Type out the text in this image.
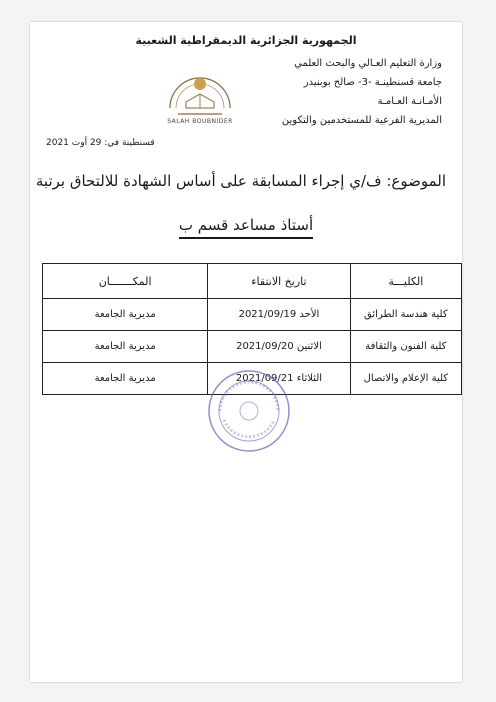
الجمهورية الجزائرية الديمقراطية الشعبية
وزارة التعليم العـالي والبحث العلمي
جامعة قسنطينـة -3- صالح بوبنيدر
الأمـانـة العـامـة
المديرية الفرعية للمستخدمين والتكوين
SALAH BOUBNIDER
قسنطينة في: 29 أوت 2021
الموضوع: ف/ي إجراء المسابقة على أساس الشهادة للالتحاق برتبة
أستاذ مساعد قسم ب
الكليـــة	تاريخ الانتقاء	المكـــــــان
كلية هندسة الطرائق	الأحد 2021/09/19	مديرية الجامعة
كلية الفنون والثقافة	الاثنين 2021/09/20	مديرية الجامعة
كلية الإعلام والاتصال	الثلاثاء 2021/09/21	مديرية الجامعة
